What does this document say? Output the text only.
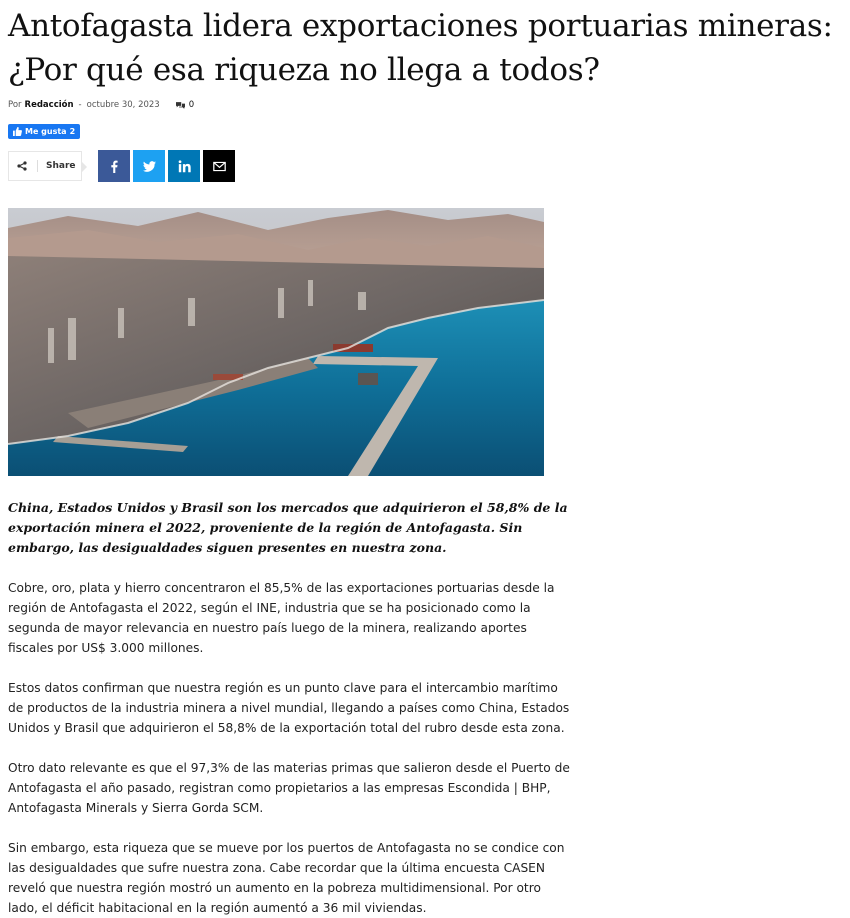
Antofagasta lidera exportaciones portuarias mineras: ¿Por qué esa riqueza no llega a todos?
Por Redacción - octubre 30, 2023	0
Me gusta 2
Share
China, Estados Unidos y Brasil son los mercados que adquirieron el 58,8% de la exportación minera el 2022, proveniente de la región de Antofagasta. Sin embargo, las desigualdades siguen presentes en nuestra zona.

Cobre, oro, plata y hierro concentraron el 85,5% de las exportaciones portuarias desde la región de Antofagasta el 2022, según el INE, industria que se ha posicionado como la segunda de mayor relevancia en nuestro país luego de la minera, realizando aportes fiscales por US$ 3.000 millones.

Estos datos confirman que nuestra región es un punto clave para el intercambio marítimo de productos de la industria minera a nivel mundial, llegando a países como China, Estados Unidos y Brasil que adquirieron el 58,8% de la exportación total del rubro desde esta zona.

Otro dato relevante es que el 97,3% de las materias primas que salieron desde el Puerto de Antofagasta el año pasado, registran como propietarios a las empresas Escondida | BHP, Antofagasta Minerals y Sierra Gorda SCM.

Sin embargo, esta riqueza que se mueve por los puertos de Antofagasta no se condice con las desigualdades que sufre nuestra zona. Cabe recordar que la última encuesta CASEN reveló que nuestra región mostró un aumento en la pobreza multidimensional. Por otro lado, el déficit habitacional en la región aumentó a 36 mil viviendas.
